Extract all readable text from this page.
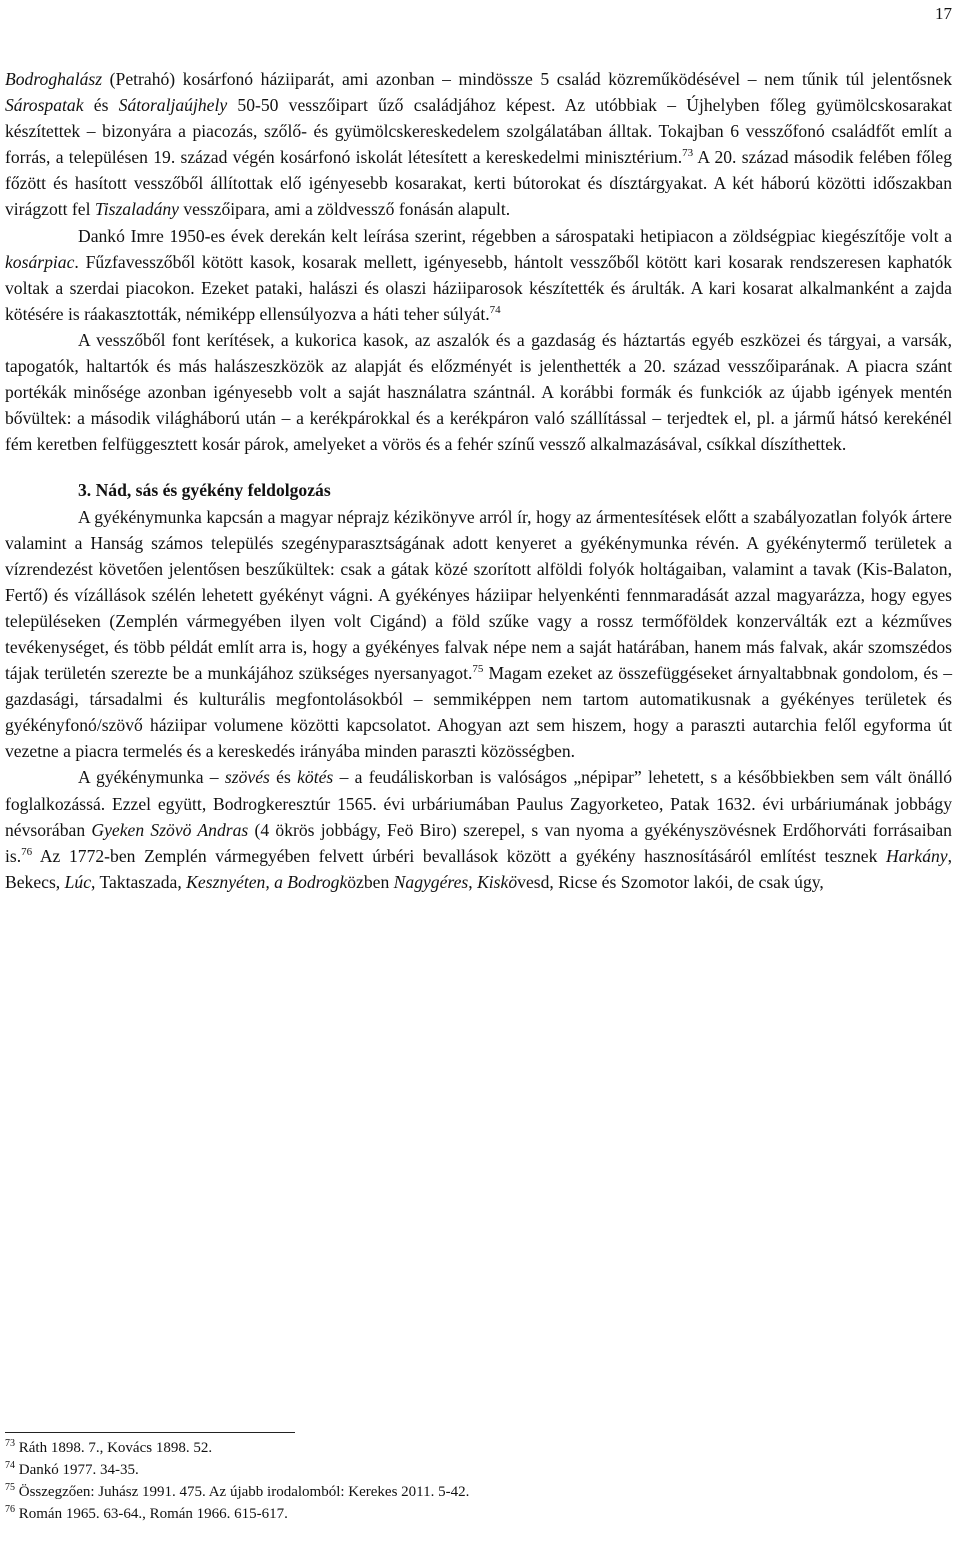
17

Bodroghalász (Petrahó) kosárfonó háziiparát, ami azonban – mindössze 5 család közreműködésével – nem tűnik túl jelentősnek Sárospatak és Sátoraljaújhely 50-50 vesszőipart űző családjához képest. Az utóbbiak – Újhelyben főleg gyümölcskosarakat készítettek – bizonyára a piacozás, szőlő- és gyümölcskereskedelem szolgálatában álltak. Tokajban 6 vesszőfonó családfőt említ a forrás, a településen 19. század végén kosárfonó iskolát létesített a kereskedelmi minisztérium.$^{73}$ A 20. század második felében főleg főzött és hasított vesszőből állítottak elő igényesebb kosarakat, kerti bútorokat és dísztárgyakat. A két háború közötti időszakban virágzott fel Tiszaladány vesszőipara, ami a zöldvessző fonásán alapult.

Dankó Imre 1950-es évek derekán kelt leírása szerint, régebben a sárospataki hetipiacon a zöldségpiac kiegészítője volt a kosárpiac. Fűzfavesszőből kötött kasok, kosarak mellett, igényesebb, hántolt vesszőből kötött kari kosarak rendszeresen kaphatók voltak a szerdai piacokon. Ezeket pataki, halászi és olaszi háziiparosok készítették és árulták. A kari kosarat alkalmanként a zajda kötésére is ráakasztották, némiképp ellensúlyozva a háti teher súlyát.$^{74}$

A vesszőből font kerítések, a kukorica kasok, az aszalók és a gazdaság és háztartás egyéb eszközei és tárgyai, a varsák, tapogatók, haltartók és más halászeszközök az alapját és előzményét is jelenthették a 20. század vesszőiparának. A piacra szánt portékák minősége azonban igényesebb volt a saját használatra szántnál. A korábbi formák és funkciók az újabb igények mentén bővültek: a második világháború után – a kerékpárokkal és a kerékpáron való szállítással – terjedtek el, pl. a jármű hátsó kerekénél fém keretben felfüggesztett kosár párok, amelyeket a vörös és a fehér színű vessző alkalmazásával, csíkkal díszíthettek.

3. Nád, sás és gyékény feldolgozás

A gyékénymunka kapcsán a magyar néprajz kézikönyve arról ír, hogy az ármentesítések előtt a szabályozatlan folyók ártere valamint a Hanság számos település szegényparasztságának adott kenyeret a gyékénymunka révén. A gyékénytermő területek a vízrendezést követően jelentősen beszűkültek: csak a gátak közé szorított alföldi folyók holtágaiban, valamint a tavak (Kis-Balaton, Fertő) és vízállások szélén lehetett gyékényt vágni. A gyékényes háziipar helyenkénti fennmaradását azzal magyarázza, hogy egyes településeken (Zemplén vármegyében ilyen volt Cigánd) a föld szűke vagy a rossz termőföldek konzerválták ezt a kézműves tevékenységet, és több példát említ arra is, hogy a gyékényes falvak népe nem a saját határában, hanem más falvak, akár szomszédos tájak területén szerezte be a munkájához szükséges nyersanyagot.$^{75}$ Magam ezeket az összefüggéseket árnyaltabbnak gondolom, és – gazdasági, társadalmi és kulturális megfontolásokból – semmiképpen nem tartom automatikusnak a gyékényes területek és gyékényfonó/szövő háziipar volumene közötti kapcsolatot. Ahogyan azt sem hiszem, hogy a paraszti autarchia felől egyforma út vezetne a piacra termelés és a kereskedés irányába minden paraszti közösségben.

A gyékénymunka – szövés és kötés – a feudáliskorban is valóságos „népipar” lehetett, s a későbbiekben sem vált önálló foglalkozássá. Ezzel együtt, Bodrogkeresztúr 1565. évi urbáriumában Paulus Zagyorketeo, Patak 1632. évi urbáriumának jobbágy névsorában Gyeken Szövö Andras (4 ökrös jobbágy, Feö Biro) szerepel, s van nyoma a gyékényszövésnek Erdőhorváti forrásaiban is.$^{76}$ Az 1772-ben Zemplén vármegyében felvett úrbéri bevallások között a gyékény hasznosításáról említést tesznek Harkány, Bekecs, Lúc, Taktaszada, Kesznyéten, a Bodrogközben Nagygéres, Kiskövesd, Ricse és Szomotor lakói, de csak úgy,

$^{73}$ Ráth 1898. 7., Kovács 1898. 52.

$^{74}$ Dankó 1977. 34-35.

$^{75}$ Összegzően: Juhász 1991. 475. Az újabb irodalomból: Kerekes 2011. 5-42.

$^{76}$ Román 1965. 63-64., Román 1966. 615-617.
